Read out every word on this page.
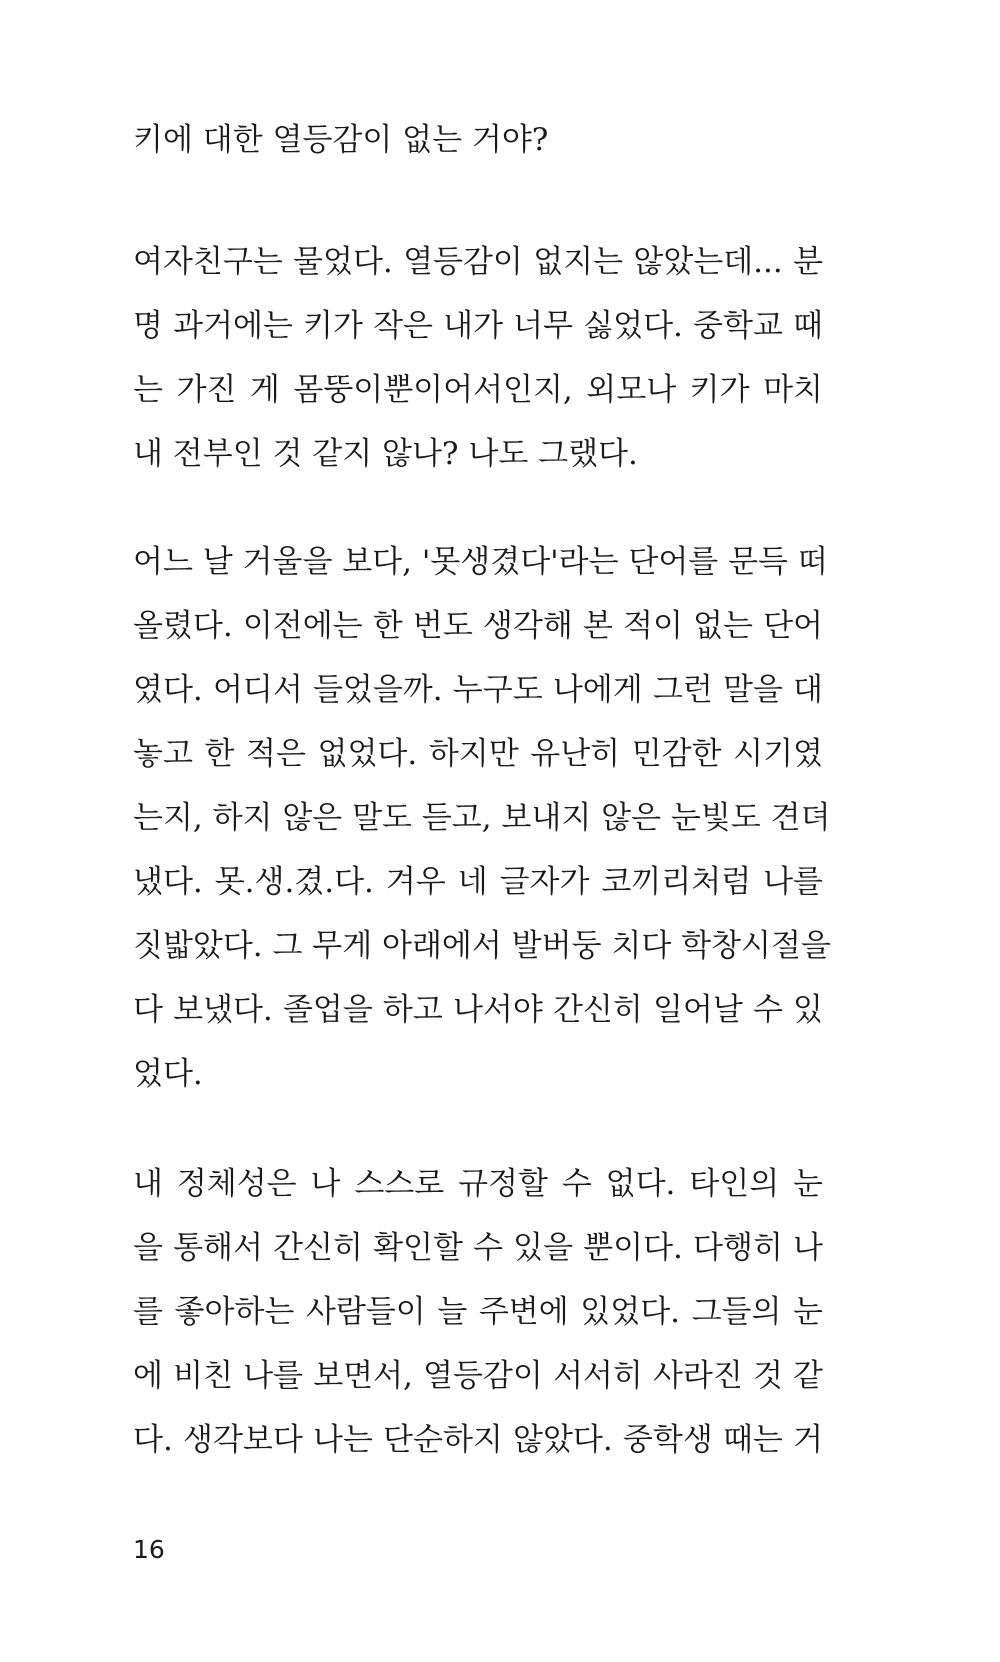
키에 대한 열등감이 없는 거야?
여자친구는 물었다. 열등감이 없지는 않았는데... 분
명 과거에는 키가 작은 내가 너무 싫었다. 중학교 때
는 가진 게 몸뚱이뿐이어서인지, 외모나 키가 마치
내 전부인 것 같지 않나? 나도 그랬다.
어느 날 거울을 보다, '못생겼다'라는 단어를 문득 떠
올렸다. 이전에는 한 번도 생각해 본 적이 없는 단어
였다. 어디서 들었을까. 누구도 나에게 그런 말을 대
놓고 한 적은 없었다. 하지만 유난히 민감한 시기였
는지, 하지 않은 말도 듣고, 보내지 않은 눈빛도 견뎌
냈다. 못.생.겼.다. 겨우 네 글자가 코끼리처럼 나를
짓밟았다. 그 무게 아래에서 발버둥 치다 학창시절을
다 보냈다. 졸업을 하고 나서야 간신히 일어날 수 있
었다.
내 정체성은 나 스스로 규정할 수 없다. 타인의 눈
을 통해서 간신히 확인할 수 있을 뿐이다. 다행히 나
를 좋아하는 사람들이 늘 주변에 있었다. 그들의 눈
에 비친 나를 보면서, 열등감이 서서히 사라진 것 같
다. 생각보다 나는 단순하지 않았다. 중학생 때는 거
16
